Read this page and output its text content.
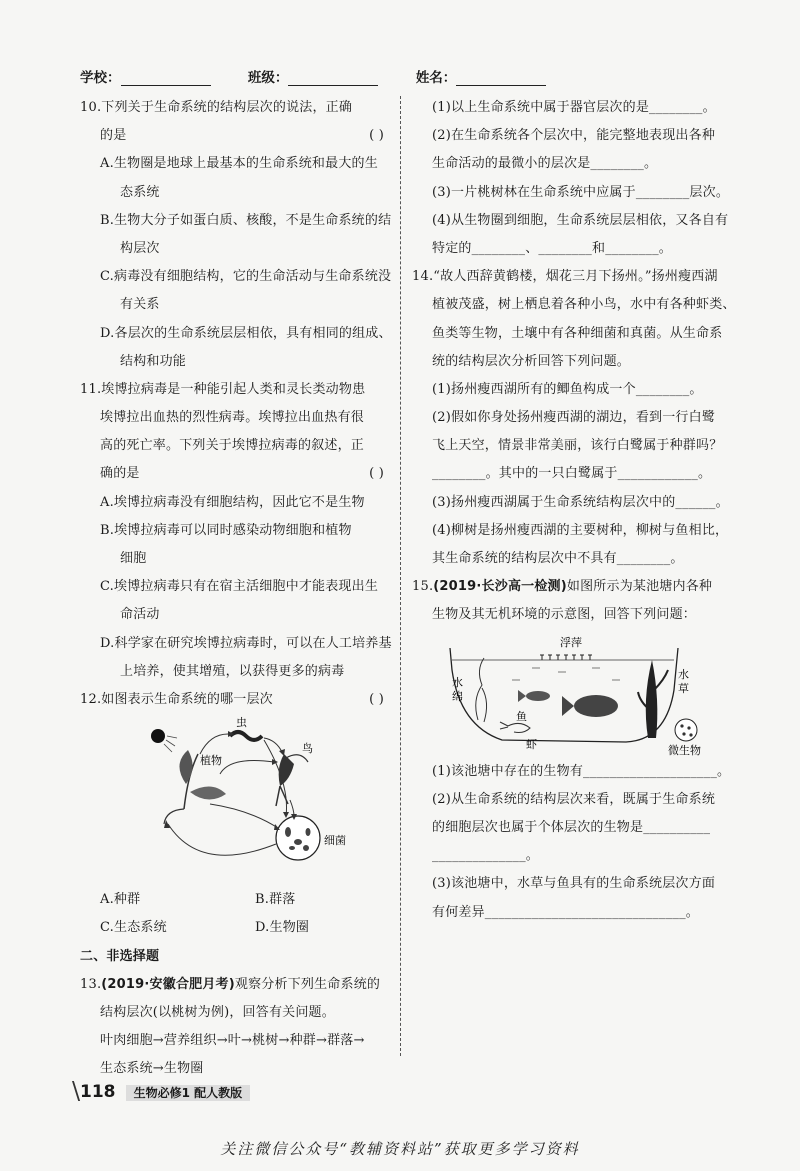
学校：	班级：	姓名：
10.下列关于生命系统的结构层次的说法，正确
的是	( )
A.生物圈是地球上最基本的生命系统和最大的生
态系统
B.生物大分子如蛋白质、核酸，不是生命系统的结
构层次
C.病毒没有细胞结构，它的生命活动与生命系统没
有关系
D.各层次的生命系统层层相依，具有相同的组成、
结构和功能
11.埃博拉病毒是一种能引起人类和灵长类动物患
埃博拉出血热的烈性病毒。埃博拉出血热有很
高的死亡率。下列关于埃博拉病毒的叙述，正
确的是	( )
A.埃博拉病毒没有细胞结构，因此它不是生物
B.埃博拉病毒可以同时感染动物细胞和植物
细胞
C.埃博拉病毒只有在宿主活细胞中才能表现出生
命活动
D.科学家在研究埃博拉病毒时，可以在人工培养基
上培养，使其增殖，以获得更多的病毒
12.如图表示生命系统的哪一层次	( )
植物
虫
鸟
细菌
A.种群	B.群落
C.生态系统	D.生物圈
二、非选择题
13.(2019·安徽合肥月考)观察分析下列生命系统的
结构层次(以桃树为例)，回答有关问题。
叶肉细胞→营养组织→叶→桃树→种群→群落→
生态系统→生物圈
(1)以上生命系统中属于器官层次的是________。
(2)在生命系统各个层次中，能完整地表现出各种
生命活动的最微小的层次是________。
(3)一片桃树林在生命系统中应属于________层次。
(4)从生物圈到细胞，生命系统层层相依，又各自有
特定的________、________和________。
14.“故人西辞黄鹤楼，烟花三月下扬州。”扬州瘦西湖
植被茂盛，树上栖息着各种小鸟，水中有各种虾类、
鱼类等生物，土壤中有各种细菌和真菌。从生命系
统的结构层次分析回答下列问题。
(1)扬州瘦西湖所有的鲫鱼构成一个________。
(2)假如你身处扬州瘦西湖的湖边，看到一行白鹭
飞上天空，情景非常美丽，该行白鹭属于种群吗？
________。其中的一只白鹭属于____________。
(3)扬州瘦西湖属于生命系统结构层次中的______。
(4)柳树是扬州瘦西湖的主要树种，柳树与鱼相比，
其生命系统的结构层次中不具有________。
15.(2019·长沙高一检测)如图所示为某池塘内各种
生物及其无机环境的示意图，回答下列问题：
浮萍
水
绵
水
草
鱼
虾	微生物
(1)该池塘中存在的生物有____________________。
(2)从生命系统的结构层次来看，既属于生命系统
的细胞层次也属于个体层次的生物是__________
______________。
(3)该池塘中，水草与鱼具有的生命系统层次方面
有何差异______________________________。
\ 118 生物必修1 配人教版
关注微信公众号“教辅资料站”获取更多学习资料
